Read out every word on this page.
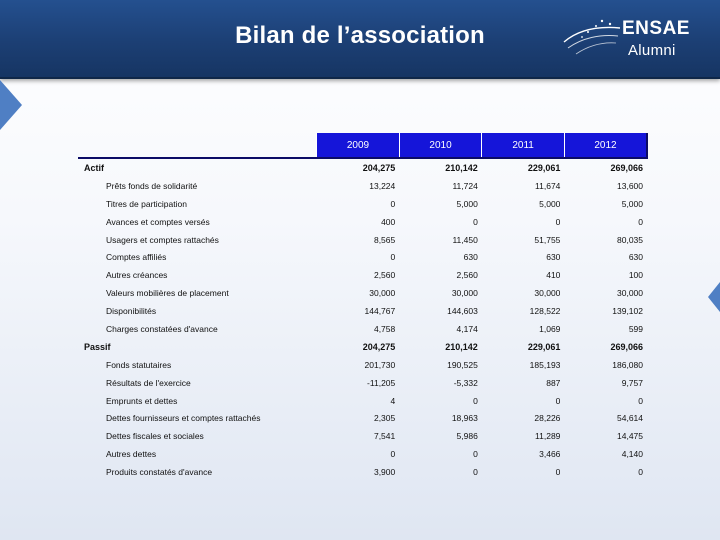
Bilan de l’association	ENSAE
Alumni
	2009	2010	2011	2012
Actif	204,275	210,142	229,061	269,066
Prêts fonds de solidarité	13,224	11,724	11,674	13,600
Titres de participation	0	5,000	5,000	5,000
Avances et comptes versés	400	0	0	0
Usagers et comptes rattachés	8,565	11,450	51,755	80,035
Comptes affiliés	0	630	630	630
Autres créances	2,560	2,560	410	100
Valeurs mobilières de placement	30,000	30,000	30,000	30,000
Disponibilités	144,767	144,603	128,522	139,102
Charges constatées d'avance	4,758	4,174	1,069	599
Passif	204,275	210,142	229,061	269,066
Fonds statutaires	201,730	190,525	185,193	186,080
Résultats de l'exercice	-11,205	-5,332	887	9,757
Emprunts et dettes	4	0	0	0
Dettes fournisseurs et comptes rattachés	2,305	18,963	28,226	54,614
Dettes fiscales et sociales	7,541	5,986	11,289	14,475
Autres dettes	0	0	3,466	4,140
Produits constatés d'avance	3,900	0	0	0
